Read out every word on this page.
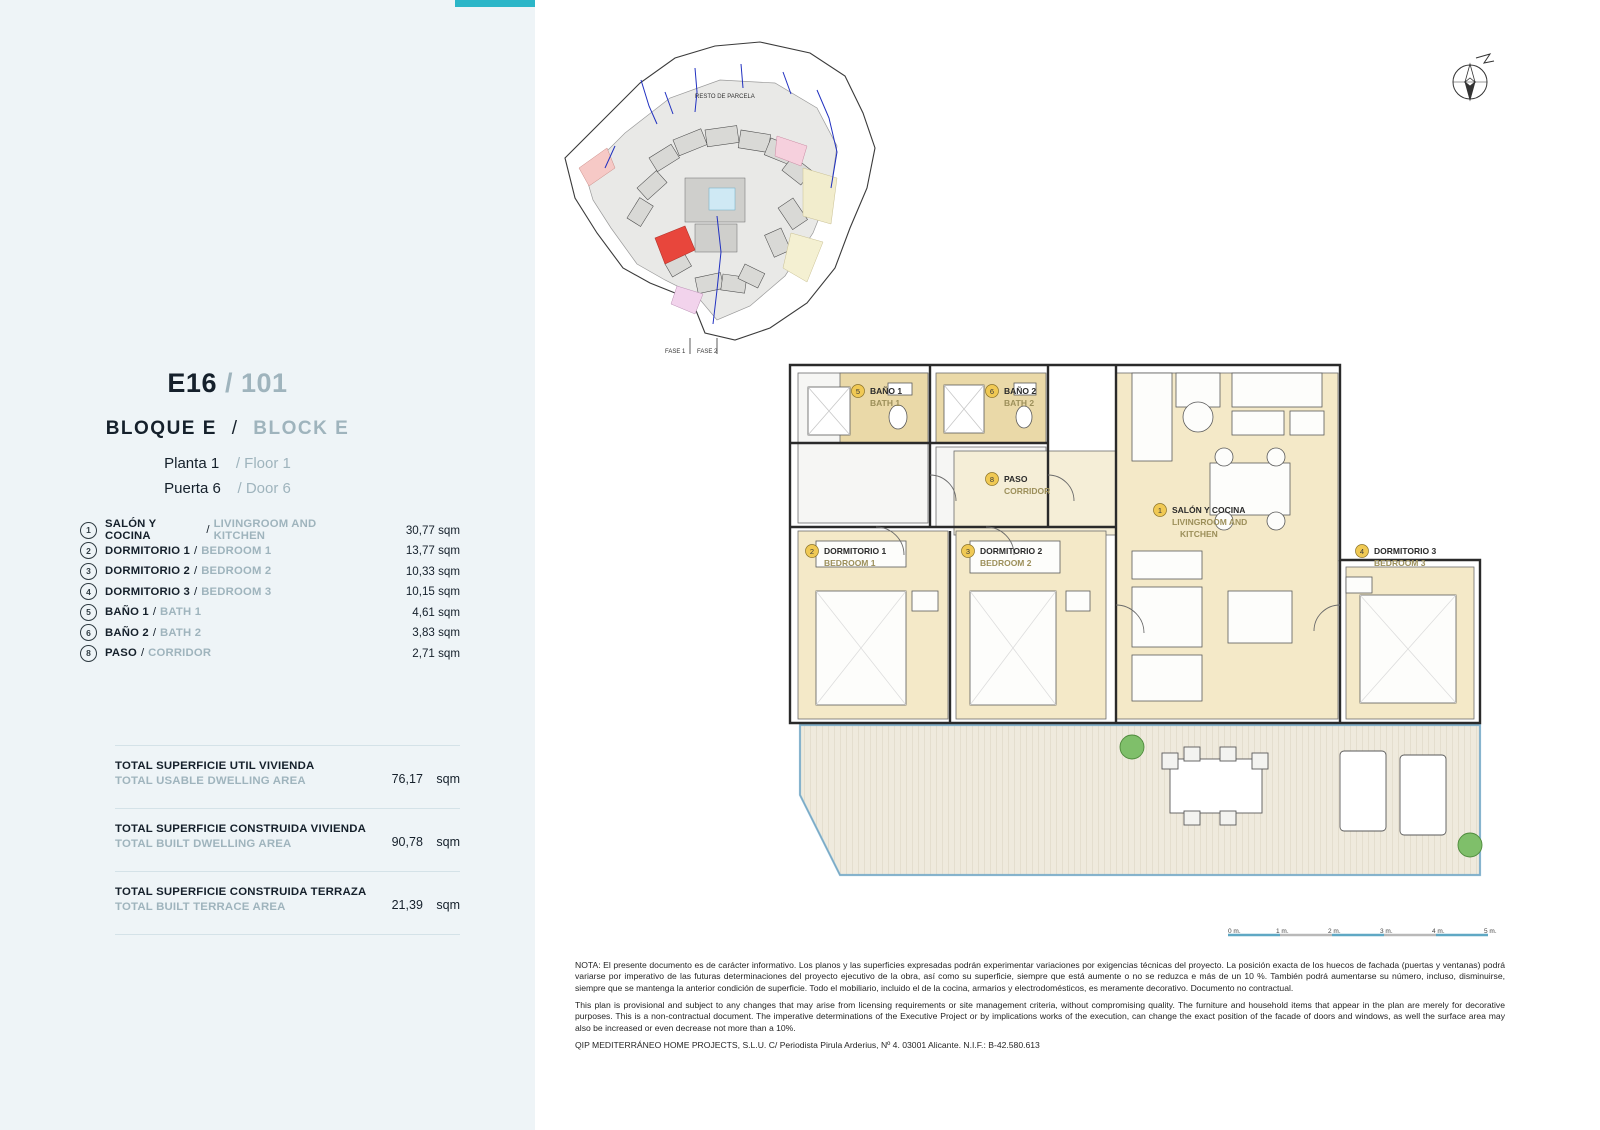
E16 / 101
BLOQUE E / BLOCK E
Planta 1 / Floor 1
Puerta 6 / Door 6
1	SALÓN Y COCINA	/ LIVINGROOM AND KITCHEN	30,77 sqm
2	DORMITORIO 1 / BEDROOM 1	13,77 sqm
3	DORMITORIO 2 / BEDROOM 2	10,33 sqm
4	DORMITORIO 3 / BEDROOM 3	10,15 sqm
5	BAÑO 1 / BATH 1	4,61 sqm
6	BAÑO 2 / BATH 2	3,83 sqm
8	PASO / CORRIDOR	2,71 sqm
TOTAL SUPERFICIE UTIL VIVIENDA
TOTAL USABLE DWELLING AREA	76,17 sqm
TOTAL SUPERFICIE CONSTRUIDA VIVIENDA
TOTAL BUILT DWELLING AREA	90,78 sqm
TOTAL SUPERFICIE CONSTRUIDA TERRAZA
TOTAL BUILT TERRACE AREA	21,39 sqm
RESTO DE PARCELA
FASE 1 FASE 2
5 BAÑO 1
BATH 1
6 BAÑO 2
BATH 2
8 PASO
CORRIDOR
1 SALÓN Y COCINA
LIVINGROOM AND
KITCHEN
2 DORMITORIO 1
BEDROOM 1
3 DORMITORIO 2
BEDROOM 2
4 DORMITORIO 3
BEDROOM 3
0 m.	1 m.	2 m.	3 m.	4 m.	5 m.

NOTA: El presente documento es de carácter informativo. Los planos y las superficies expresadas podrán experimentar variaciones por exigencias técnicas del proyecto. La posición exacta de los huecos de fachada (puertas y ventanas) podrá variarse por imperativo de las futuras determinaciones del proyecto ejecutivo de la obra, así como su superficie, siempre que está aumente o no se reduzca e más de un 10 %. También podrá aumentarse su número, incluso, disminuirse, siempre que se mantenga la anterior condición de superficie. Todo el mobiliario, incluido el de la cocina, armarios y electrodomésticos, es meramente decorativo. Documento no contractual.

This plan is provisional and subject to any changes that may arise from licensing requirements or site management criteria, without compromising quality. The furniture and household items that appear in the plan are merely for decorative purposes. This is a non-contractual document. The imperative determinations of the Executive Project or by implications works of the execution, can change the exact position of the facade of doors and windows, as well the surface area may also be increased or even decrease not more than a 10%.

QIP MEDITERRÁNEO HOME PROJECTS, S.L.U. C/ Periodista Pirula Arderius, Nº 4. 03001 Alicante. N.I.F.: B-42.580.613
